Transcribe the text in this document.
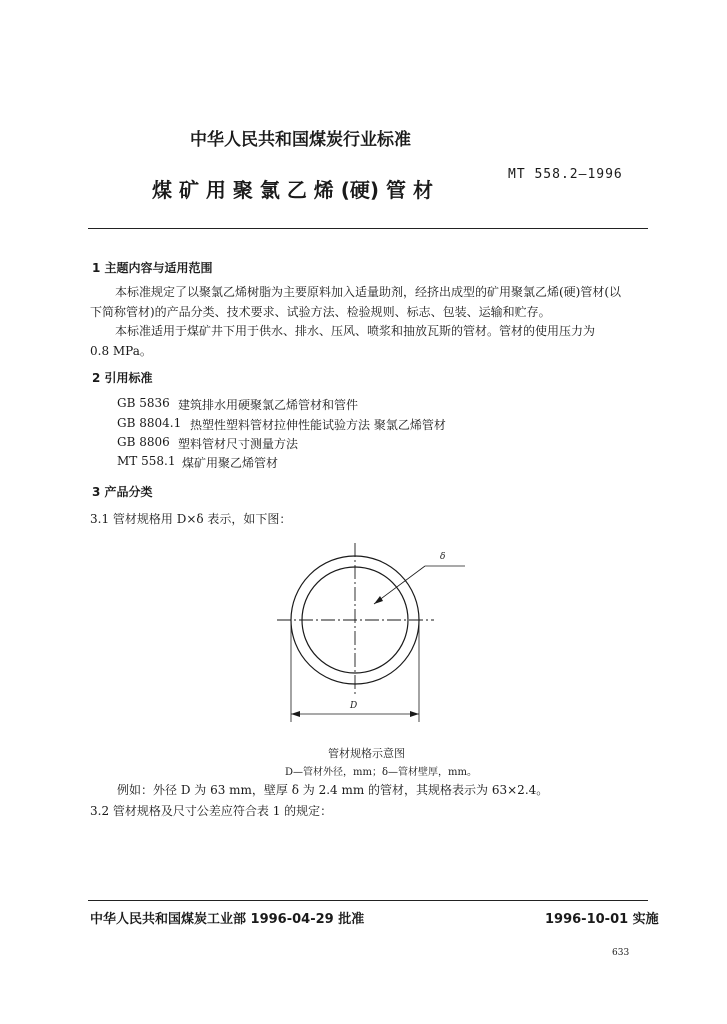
中华人民共和国煤炭行业标准
煤 矿 用 聚 氯 乙 烯 (硬) 管 材
MT 558.2—1996
1 主题内容与适用范围
本标准规定了以聚氯乙烯树脂为主要原料加入适量助剂，经挤出成型的矿用聚氯乙烯(硬)管材(以
下简称管材)的产品分类、技术要求、试验方法、检验规则、标志、包装、运输和贮存。
本标准适用于煤矿井下用于供水、排水、压风、喷浆和抽放瓦斯的管材。管材的使用压力为
0.8 MPa。
2 引用标准
GB 5836 建筑排水用硬聚氯乙烯管材和管件
GB 8804.1 热塑性塑料管材拉伸性能试验方法 聚氯乙烯管材
GB 8806 塑料管材尺寸测量方法
MT 558.1 煤矿用聚乙烯管材
3 产品分类
3.1 管材规格用 D×δ 表示，如下图：
δ
D
管材规格示意图
D—管材外径，mm；δ—管材壁厚，mm。
例如：外径 D 为 63 mm，壁厚 δ 为 2.4 mm 的管材，其规格表示为 63×2.4。
3.2 管材规格及尺寸公差应符合表 1 的规定：
中华人民共和国煤炭工业部 1996-04-29 批准	1996-10-01 实施
633
